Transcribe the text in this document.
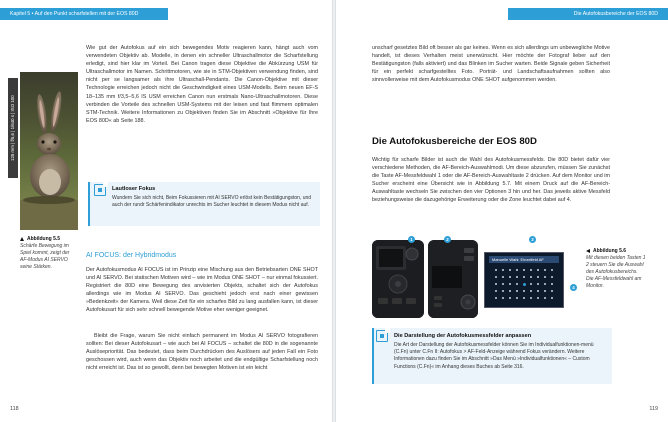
Kapitel 5 • Auf den Punkt scharfstellen mit der EOS 80D

Wie gut der Autofokus auf ein sich bewegendes Motiv reagieren kann, hängt auch vom verwendeten Objektiv ab. Modelle, in denen ein schneller Ultraschallmotor die Scharfstellung erledigt, sind hier klar im Vorteil. Bei Canon tragen diese Objektive die Abkürzung USM für Ultraschallmotor im Namen. Schrittmotoren, wie sie in STM-Objektiven verwendung finden, sind nicht per se langsamer als ihre Ultraschall-Pendants. Die Canon-Objektive mit dieser Technologie erreichen jedoch nicht die Geschwindigkeit eines USM-Modells. Beim neuen EF-S 18–135 mm f/3,5–5,6 IS USM erreichen Canon nun erstmals Nano-Ultraschallmotoren. Diese verbinden die Vorteile des schnellen USM-Systems mit der leisen und fast flimmern optimalen STM-Technik. Weitere Informationen zu Objektiven finden Sie im Abschnitt »Objektive für Ihre EOS 80D« ab Seite 188.

125 mm | f/5,6 | 1/640 s | ISO 100
Lautloser Fokus
Wundern Sie sich nicht, Beim Fokussieren mit AI SERVO erlöst kein Bestätigungston, und auch der rundr Schärfenindikator unrechts im Sucher leuchtet in diesem Modus nicht auf.
Abbildung 5.5
Schärfe Bewegung im Spiel kommt, zeigt der AF-Modus AI SERVO seine Stärken.
AI FOCUS: der Hybridmodus

Der Autofokusmodus AI FOCUS ist im Prinzip eine Mischung aus den Betriebsarten ONE SHOT und AI SERVO. Bei statischen Motiven wird – wie im Modus ONE SHOT – nur einmal fokussiert. Registriert die 80D eine Bewegung des anvisierten Objekts, schaltet sich der Autofokus allerdings wie im Modus AI SERVO. Das geschieht jedoch erst nach einer gewissen »Bedenkzeit« der Kamera. Weil diese Zeit für ein scharfes Bild zu lang ausfallen kann, ist dieser Autofokusart für sich sehr schnell bewegende Motive eher weniger geeignet.

Bleibt die Frage, warum Sie nicht einfach permanent im Modus AI SERVO fotografieren sollten: Bei dieser Autofokusart – wie auch bei AI FOCUS – schaltet die 80D in die sogenannte Auslösepriorität. Das bedeutet, dass beim Durchdrücken des Auslösers auf jeden Fall ein Foto geschossen wird, auch wenn das Objektiv noch arbeitet und die endgültige Scharfstellung noch nicht erreicht ist. Das ist so gewollt, denn bei bewegten Motiven ist ein leicht

118
Die Autofokusbereiche der EOS 80D

unscharf gesetztes Bild oft besser als gar keines. Wenn es sich allerdings um unbewegliche Motive handelt, ist dieses Verhalten meist unerwünscht. Hier möchte der Fotograf lieber auf den Bestätigungston (falls aktiviert) und das Blinken im Sucher warten. Beide Signale geben Sicherheit für ein perfekt scharfgestelltes Foto. Porträt- und Landschaftsaufnahmen sollten also sinnvollerweise mit dem Autofokusmodus ONE SHOT aufgenommen werden.

Die Autofokusbereiche der EOS 80D

Wichtig für scharfe Bilder ist auch die Wahl des Autofokusmessfelds. Die 80D bietet dafür vier verschiedene Methoden, die AF-Bereich-Auswahlmodi. Um diese abzurufen, müssen Sie zunächst die Taste AF-Messfeldwahl 1 oder die AF-Bereich-Auswahltaste 2 drücken. Auf dem Monitor und im Sucher erscheint eine Übersicht wie in Abbildung 5.7. Mit einem Druck auf die AF-Bereich-Auswahltaste wechseln Sie zwischen den vier Optionen 3 hin und her. Das jeweils aktive Messfeld beziehungsweise die dazugehörige Erweiterung oder die Zone leuchtet dabei auf 4.

Manuelle Wahl: Einzelfeld AF
1	2	3
4
Abbildung 5.6
Mit diesen beiden Tasten 1 2 steuern Sie die Auswahl des Autofokusbereichs. Die AF-Messfeldwahl am Monitor.
Die Darstellung der Autofokusmessfelder anpassen
Die Art der Darstellung der Autofokusmessfelder können Sie im Individualfunktionen-menü (C.Fn) unter C.Fn II: Autofokus > AF-Feld-Anzeige während Fokus verändern. Weitere Informationen dazu finden Sie im Abschnitt »Das Menü »Individualfunktionen« – Custom Functions (C.Fn)« im Anhang dieses Buches ab Seite 316.
119
